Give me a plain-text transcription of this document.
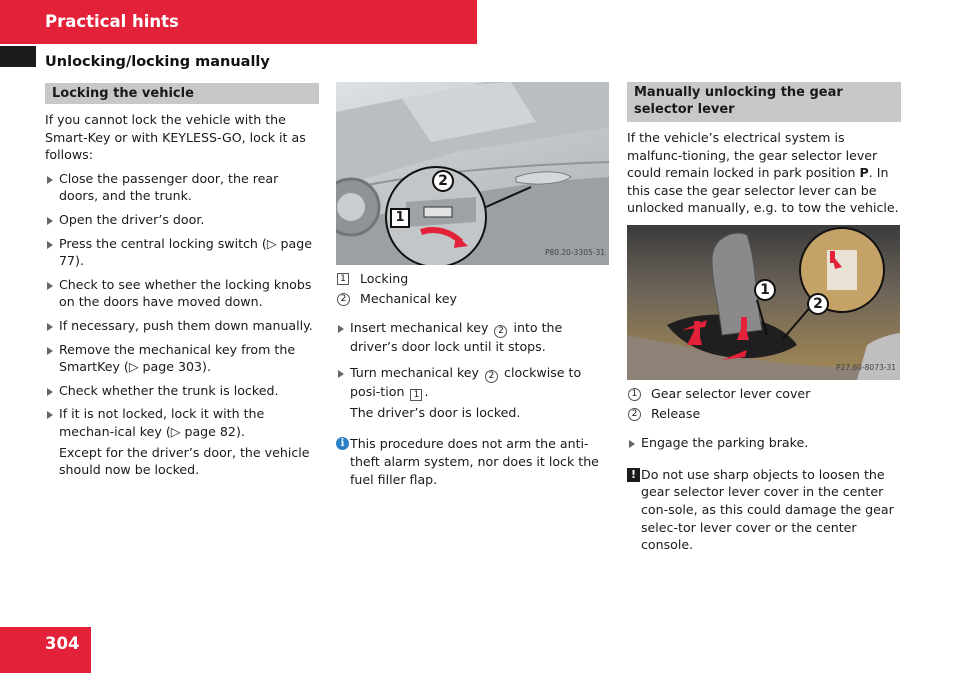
Practical hints
Unlocking/locking manually
Locking the vehicle

If you cannot lock the vehicle with the Smart-Key or with KEYLESS-GO, lock it as follows:

Close the passenger door, the rear doors, and the trunk.
Open the driver’s door.
Press the central locking switch (▷ page 77).
Check to see whether the locking knobs on the doors have moved down.
If necessary, push them down manually.
Remove the mechanical key from the SmartKey (▷ page 303).
Check whether the trunk is locked.
If it is not locked, lock it with the mechan-ical key (▷ page 82).

Except for the driver’s door, the vehicle should now be locked.

2
1
P80.20-3305-31
1 Locking
2 Mechanical key
Insert mechanical key 2 into the driver’s door lock until it stops.
Turn mechanical key 2 clockwise to posi-tion 1 .

The driver’s door is locked.

i This procedure does not arm the anti-theft alarm system, nor does it lock the fuel filler flap.
Manually unlocking the gear selector lever

If the vehicle’s electrical system is malfunc-tioning, the gear selector lever could remain locked in park position P. In this case the gear selector lever can be unlocked manually, e.g. to tow the vehicle.

1
2
P27.60-8073-31
1 Gear selector lever cover
2 Release
Engage the parking brake.
! Do not use sharp objects to loosen the gear selector lever cover in the center con-sole, as this could damage the gear selec-tor lever cover or the center console.
304
